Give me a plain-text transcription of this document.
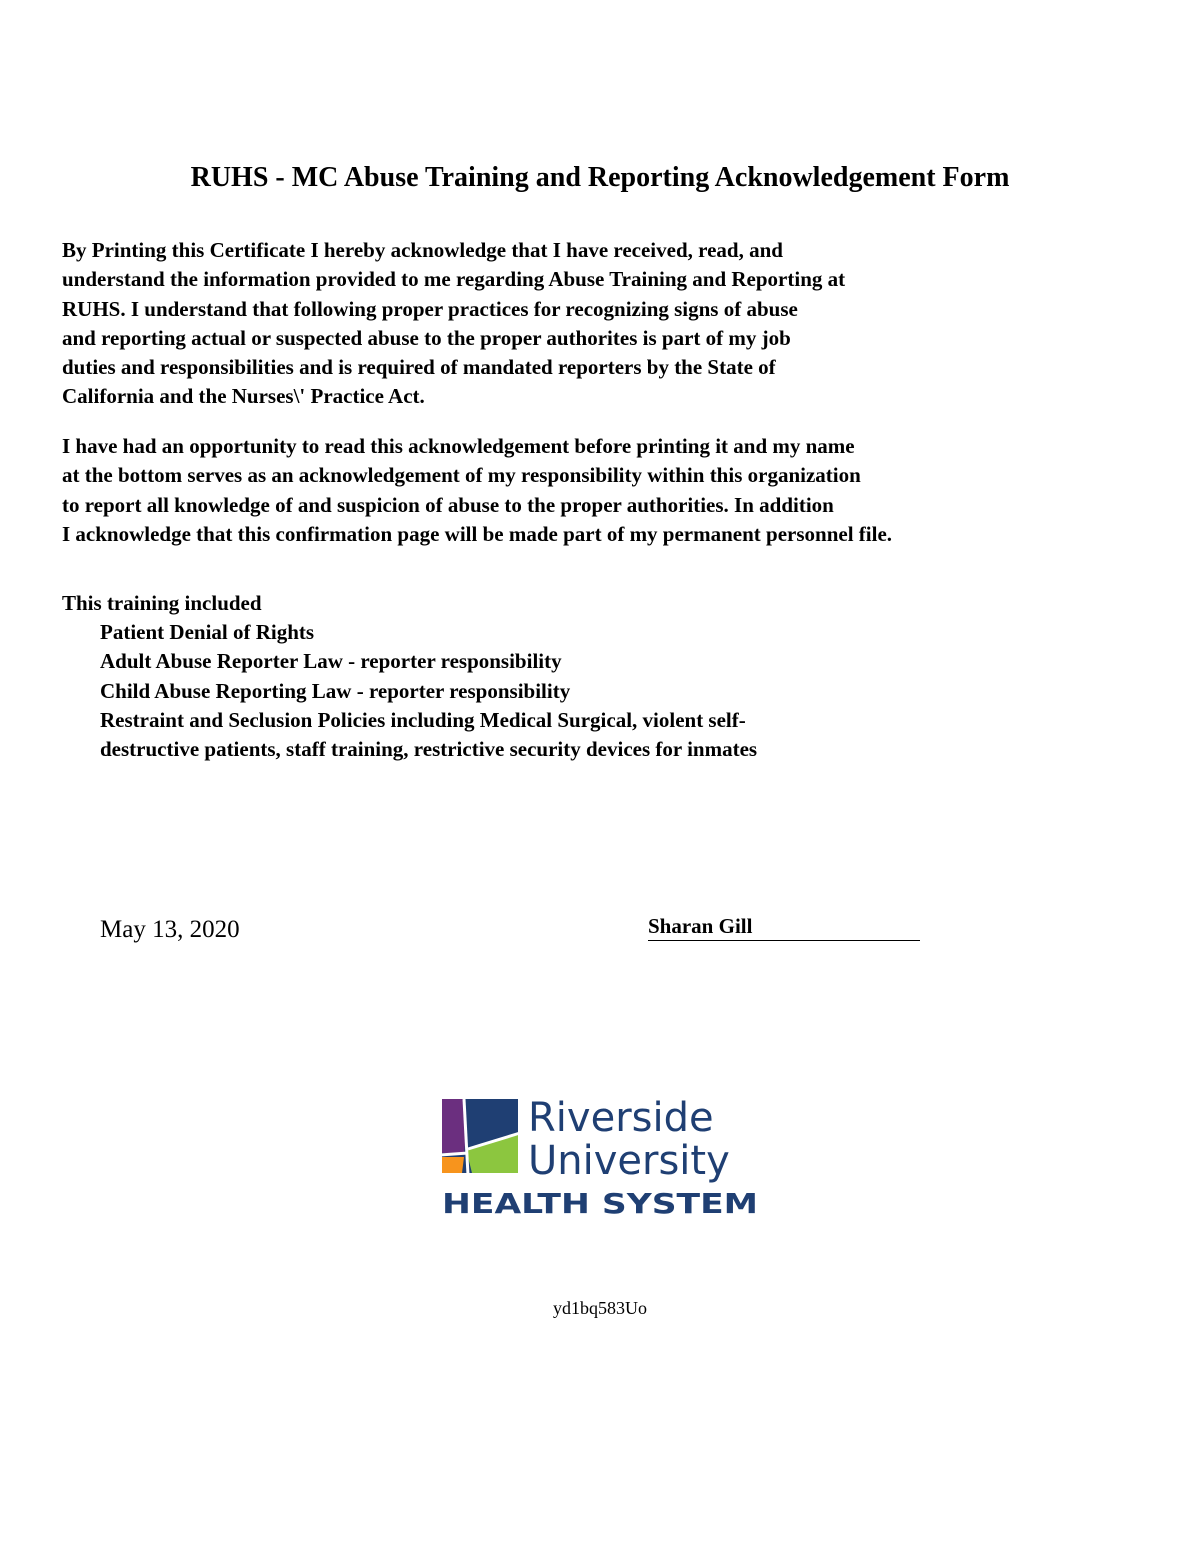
RUHS - MC Abuse Training and Reporting Acknowledgement Form

By Printing this Certificate I hereby acknowledge that I have received, read, and
understand the information provided to me regarding Abuse Training and Reporting at
RUHS. I understand that following proper practices for recognizing signs of abuse
and reporting actual or suspected abuse to the proper authorites is part of my job
duties and responsibilities and is required of mandated reporters by the State of
California and the Nurses\' Practice Act.

I have had an opportunity to read this acknowledgement before printing it and my name
at the bottom serves as an acknowledgement of my responsibility within this organization
to report all knowledge of and suspicion of abuse to the proper authorities. In addition
I acknowledge that this confirmation page will be made part of my permanent personnel file.

This training included

Patient Denial of Rights
Adult Abuse Reporter Law - reporter responsibility
Child Abuse Reporting Law - reporter responsibility
Restraint and Seclusion Policies including Medical Surgical, violent self-
destructive patients, staff training, restrictive security devices for inmates

May 13, 2020	Sharan Gill
Riverside
University
HEALTH SYSTEM

yd1bq583Uo
